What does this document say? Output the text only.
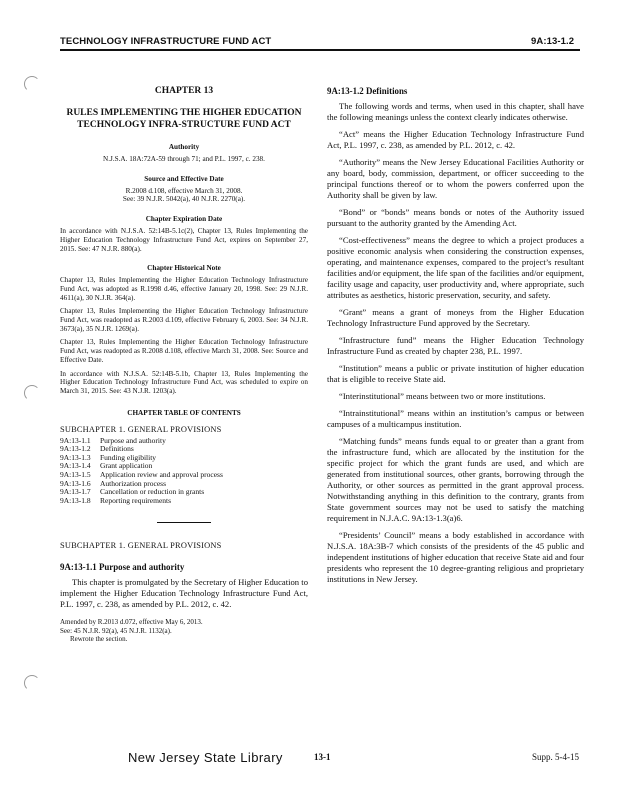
TECHNOLOGY INFRASTRUCTURE FUND ACT	9A:13-1.2
CHAPTER 13
RULES IMPLEMENTING THE HIGHER EDUCATION TECHNOLOGY INFRA-STRUCTURE FUND ACT
Authority

N.J.S.A. 18A:72A-59 through 71; and P.L. 1997, c. 238.

Source and Effective Date

R.2008 d.108, effective March 31, 2008.

See: 39 N.J.R. 5042(a), 40 N.J.R. 2270(a).

Chapter Expiration Date

In accordance with N.J.S.A. 52:14B-5.1c(2), Chapter 13, Rules Implementing the Higher Education Technology Infrastructure Fund Act, expires on September 27, 2015. See: 47 N.J.R. 880(a).

Chapter Historical Note

Chapter 13, Rules Implementing the Higher Education Technology Infrastructure Fund Act, was adopted as R.1998 d.46, effective January 20, 1998. See: 29 N.J.R. 4611(a), 30 N.J.R. 364(a).

Chapter 13, Rules Implementing the Higher Education Technology Infrastructure Fund Act, was readopted as R.2003 d.109, effective February 6, 2003. See: 34 N.J.R. 3673(a), 35 N.J.R. 1269(a).

Chapter 13, Rules Implementing the Higher Education Technology Infrastructure Fund Act, was readopted as R.2008 d.108, effective March 31, 2008. See: Source and Effective Date.

In accordance with N.J.S.A. 52:14B-5.1b, Chapter 13, Rules Implementing the Higher Education Technology Infrastructure Fund Act, was scheduled to expire on March 31, 2015. See: 43 N.J.R. 1203(a).

CHAPTER TABLE OF CONTENTS
SUBCHAPTER 1. GENERAL PROVISIONS
9A:13-1.1	Purpose and authority
9A:13-1.2	Definitions
9A:13-1.3	Funding eligibility
9A:13-1.4	Grant application
9A:13-1.5	Application review and approval process
9A:13-1.6	Authorization process
9A:13-1.7	Cancellation or reduction in grants
9A:13-1.8	Reporting requirements
SUBCHAPTER 1. GENERAL PROVISIONS
9A:13-1.1 Purpose and authority

This chapter is promulgated by the Secretary of Higher Education to implement the Higher Education Technology Infrastructure Fund Act, P.L. 1997, c. 238, as amended by P.L. 2012, c. 42.

Amended by R.2013 d.072, effective May 6, 2013.
See: 45 N.J.R. 92(a), 45 N.J.R. 1132(a).
Rewrote the section.
9A:13-1.2 Definitions

The following words and terms, when used in this chapter, shall have the following meanings unless the context clearly indicates otherwise.

“Act” means the Higher Education Technology Infrastructure Fund Act, P.L. 1997, c. 238, as amended by P.L. 2012, c. 42.

“Authority” means the New Jersey Educational Facilities Authority or any board, body, commission, department, or officer succeeding to the principal functions thereof or to whom the powers conferred upon the Authority shall be given by law.

“Bond” or “bonds” means bonds or notes of the Authority issued pursuant to the authority granted by the Amending Act.

“Cost-effectiveness” means the degree to which a project produces a positive economic analysis when considering the construction expenses, operating, and maintenance expenses, compared to the project’s resultant facilities and/or equipment, the life span of the facilities and/or equipment, facility usage and capacity, user productivity and, where appropriate, such attributes as aesthetics, historic preservation, security, and safety.

“Grant” means a grant of moneys from the Higher Education Technology Infrastructure Fund approved by the Secretary.

“Infrastructure fund” means the Higher Education Technology Infrastructure Fund as created by chapter 238, P.L. 1997.

“Institution” means a public or private institution of higher education that is eligible to receive State aid.

“Interinstitutional” means between two or more institutions.

“Intrainstitutional” means within an institution’s campus or between campuses of a multicampus institution.

“Matching funds” means funds equal to or greater than a grant from the infrastructure fund, which are allocated by the institution for the specific project for which the grant funds are used, and which are generated from institutional sources, other grants, borrowing through the Authority, or other sources as permitted in the grant approval process. Notwithstanding anything in this definition to the contrary, grants from State government sources may not be used to satisfy the matching requirement in N.J.A.C. 9A:13-1.3(a)6.

“Presidents’ Council” means a body established in accordance with N.J.S.A. 18A:3B-7 which consists of the presidents of the 45 public and independent institutions of higher education that receive State aid and four presidents who represent the 10 degree-granting religious and proprietary institutions in New Jersey.

New Jersey State Library	13-1	Supp. 5-4-15
